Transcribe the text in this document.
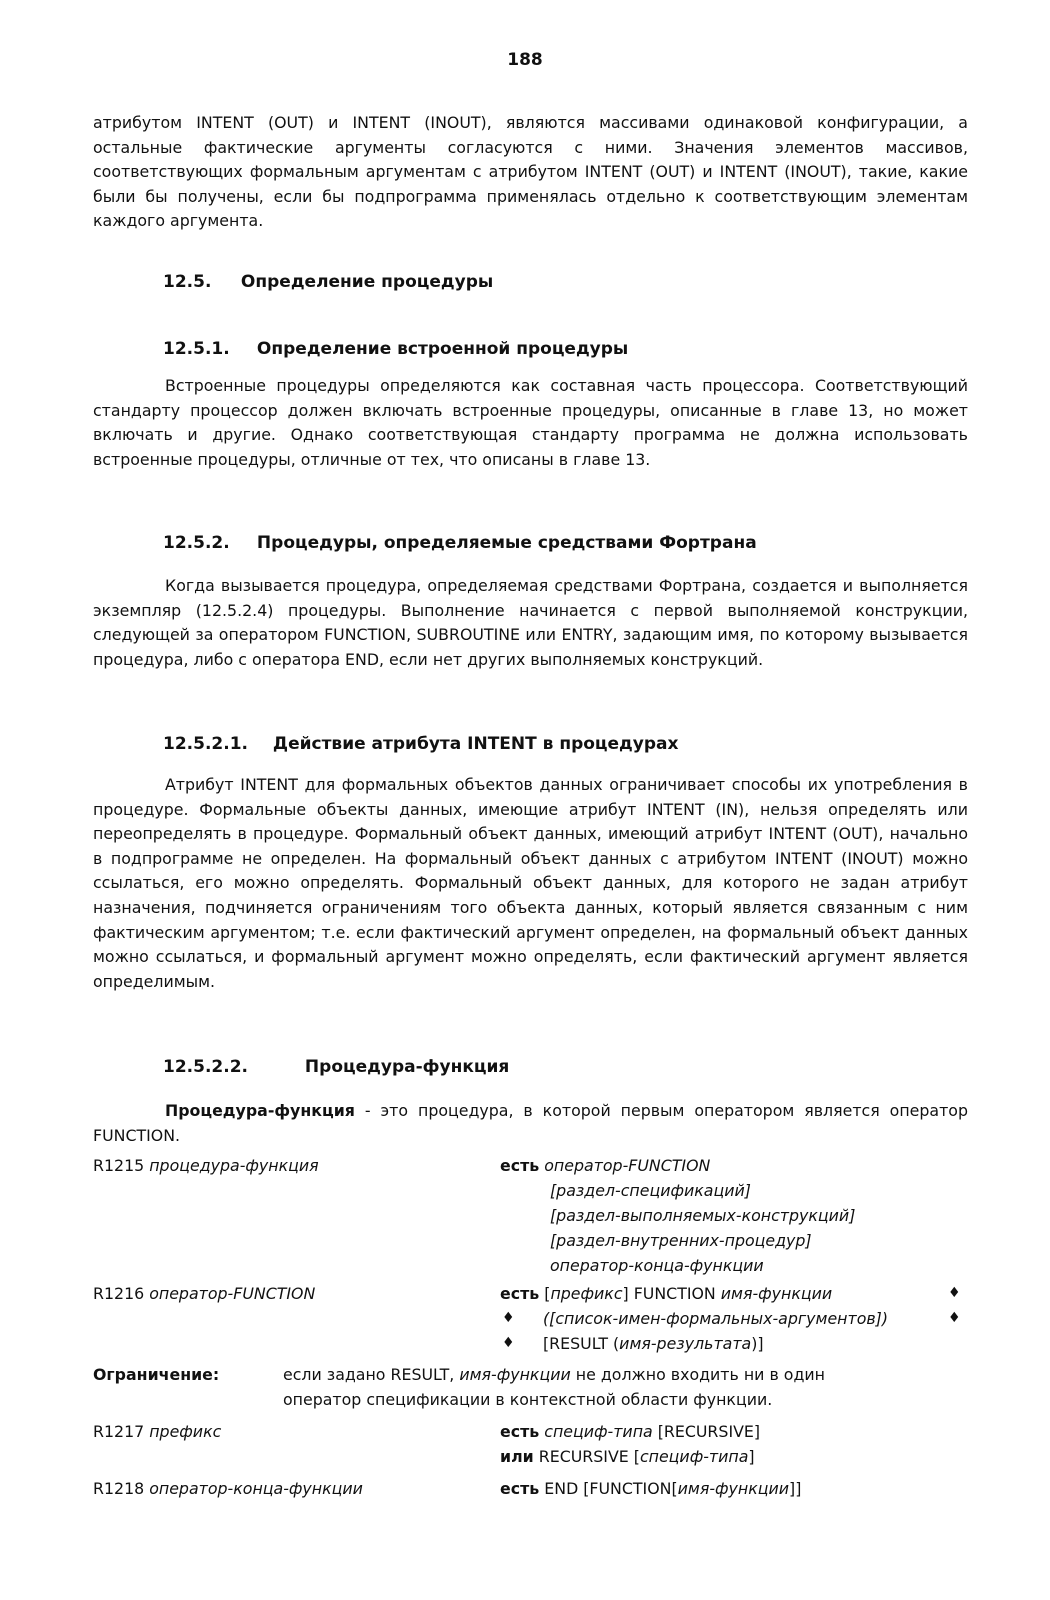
188

атрибутом INTENT (OUT) и INTENT (INOUT), являются массивами одинаковой конфигурации, а остальные фактические аргументы согласуются с ними. Значения элементов массивов, соответствующих формальным аргументам с атрибутом INTENT (OUT) и INTENT (INOUT), такие, какие были бы получены, если бы подпрограмма применялась отдельно к соответствующим элементам каждого аргумента.

12.5. Определение процедуры
12.5.1. Определение встроенной процедуры

Встроенные процедуры определяются как составная часть процессора. Соответствующий стандарту процессор должен включать встроенные процедуры, описанные в главе 13, но может включать и другие. Однако соответствующая стандарту программа не должна использовать встроенные процедуры, отличные от тех, что описаны в главе 13.

12.5.2. Процедуры, определяемые средствами Фортрана

Когда вызывается процедура, определяемая средствами Фортрана, создается и выполняется экземпляр (12.5.2.4) процедуры. Выполнение начинается с первой выполняемой конструкции, следующей за оператором FUNCTION, SUBROUTINE или ENTRY, задающим имя, по которому вызывается процедура, либо с оператора END, если нет других выполняемых конструкций.

12.5.2.1. Действие атрибута INTENT в процедурах

Атрибут INTENT для формальных объектов данных ограничивает способы их употребления в процедуре. Формальные объекты данных, имеющие атрибут INTENT (IN), нельзя определять или переопределять в процедуре. Формальный объект данных, имеющий атрибут INTENT (OUT), начально в подпрограмме не определен. На формальный объект данных с атрибутом INTENT (INOUT) можно ссылаться, его можно определять. Формальный объект данных, для которого не задан атрибут назначения, подчиняется ограничениям того объекта данных, который является связанным с ним фактическим аргументом; т.е. если фактический аргумент определен, на формальный объект данных можно ссылаться, и формальный аргумент можно определять, если фактический аргумент является определимым.

12.5.2.2.	Процедура-функция

Процедура-функция - это процедура, в которой первым оператором является оператор FUNCTION.

R1215 процедура-функция	есть оператор-FUNCTION
[раздел-спецификаций]
[раздел-выполняемых-конструкций]
[раздел-внутренних-процедур]
оператор-конца-функции
R1216 оператор-FUNCTION	есть [префикс] FUNCTION имя-функции	♦
♦ ([список-имен-формальных-аргументов])	♦
♦ [RESULT (имя-результата)]
Ограничение:	если задано RESULT, имя-функции не должно входить ни в один
оператор спецификации в контекстной области функции.
R1217 префикс	есть специф-типа [RECURSIVE]
или RECURSIVE [специф-типа]
R1218 оператор-конца-функции	есть END [FUNCTION[имя-функции]]
